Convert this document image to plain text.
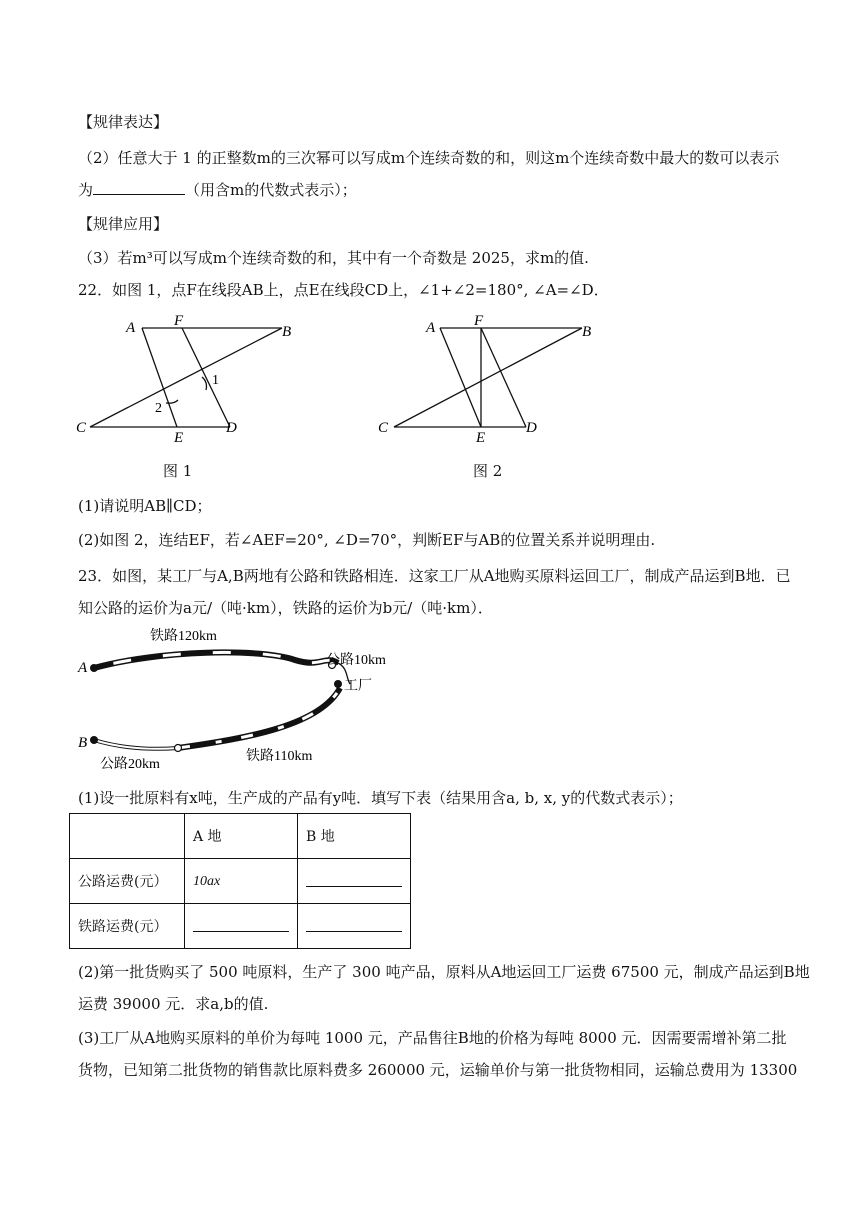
【规律表达】
（2）任意大于 1 的正整数m的三次幂可以写成m个连续奇数的和，则这m个连续奇数中最大的数可以表示
为	（用含m的代数式表示）；
【规律应用】
（3）若m³可以写成m个连续奇数的和，其中有一个奇数是 2025，求m的值.
22．如图 1，点F在线段AB上，点E在线段CD上，∠1+∠2=180°, ∠A=∠D．
A	F
B
C
E
D
1
2
图 1
A	F
B
C
E
D
图 2
(1)请说明AB∥CD；
(2)如图 2，连结EF，若∠AEF=20°, ∠D=70°，判断EF与AB的位置关系并说明理由.
23．如图，某工厂与A,B两地有公路和铁路相连．这家工厂从A地购买原料运回工厂，制成产品运到B地．已
知公路的运价为a元/（吨·km），铁路的运价为b元/（吨·km）．
A
B
铁路120km
公路10km
工厂
铁路110km
公路20km
(1)设一批原料有x吨，生产成的产品有y吨．填写下表（结果用含a, b, x, y的代数式表示）；
	A 地	B 地
公路运费(元）	10ax	
铁路运费(元）		
(2)第一批货购买了 500 吨原料，生产了 300 吨产品，原料从A地运回工厂运费 67500 元，制成产品运到B地
运费 39000 元．求a,b的值.
(3)工厂从A地购买原料的单价为每吨 1000 元，产品售往B地的价格为每吨 8000 元．因需要需增补第二批
货物，已知第二批货物的销售款比原料费多 260000 元，运输单价与第一批货物相同，运输总费用为 13300
